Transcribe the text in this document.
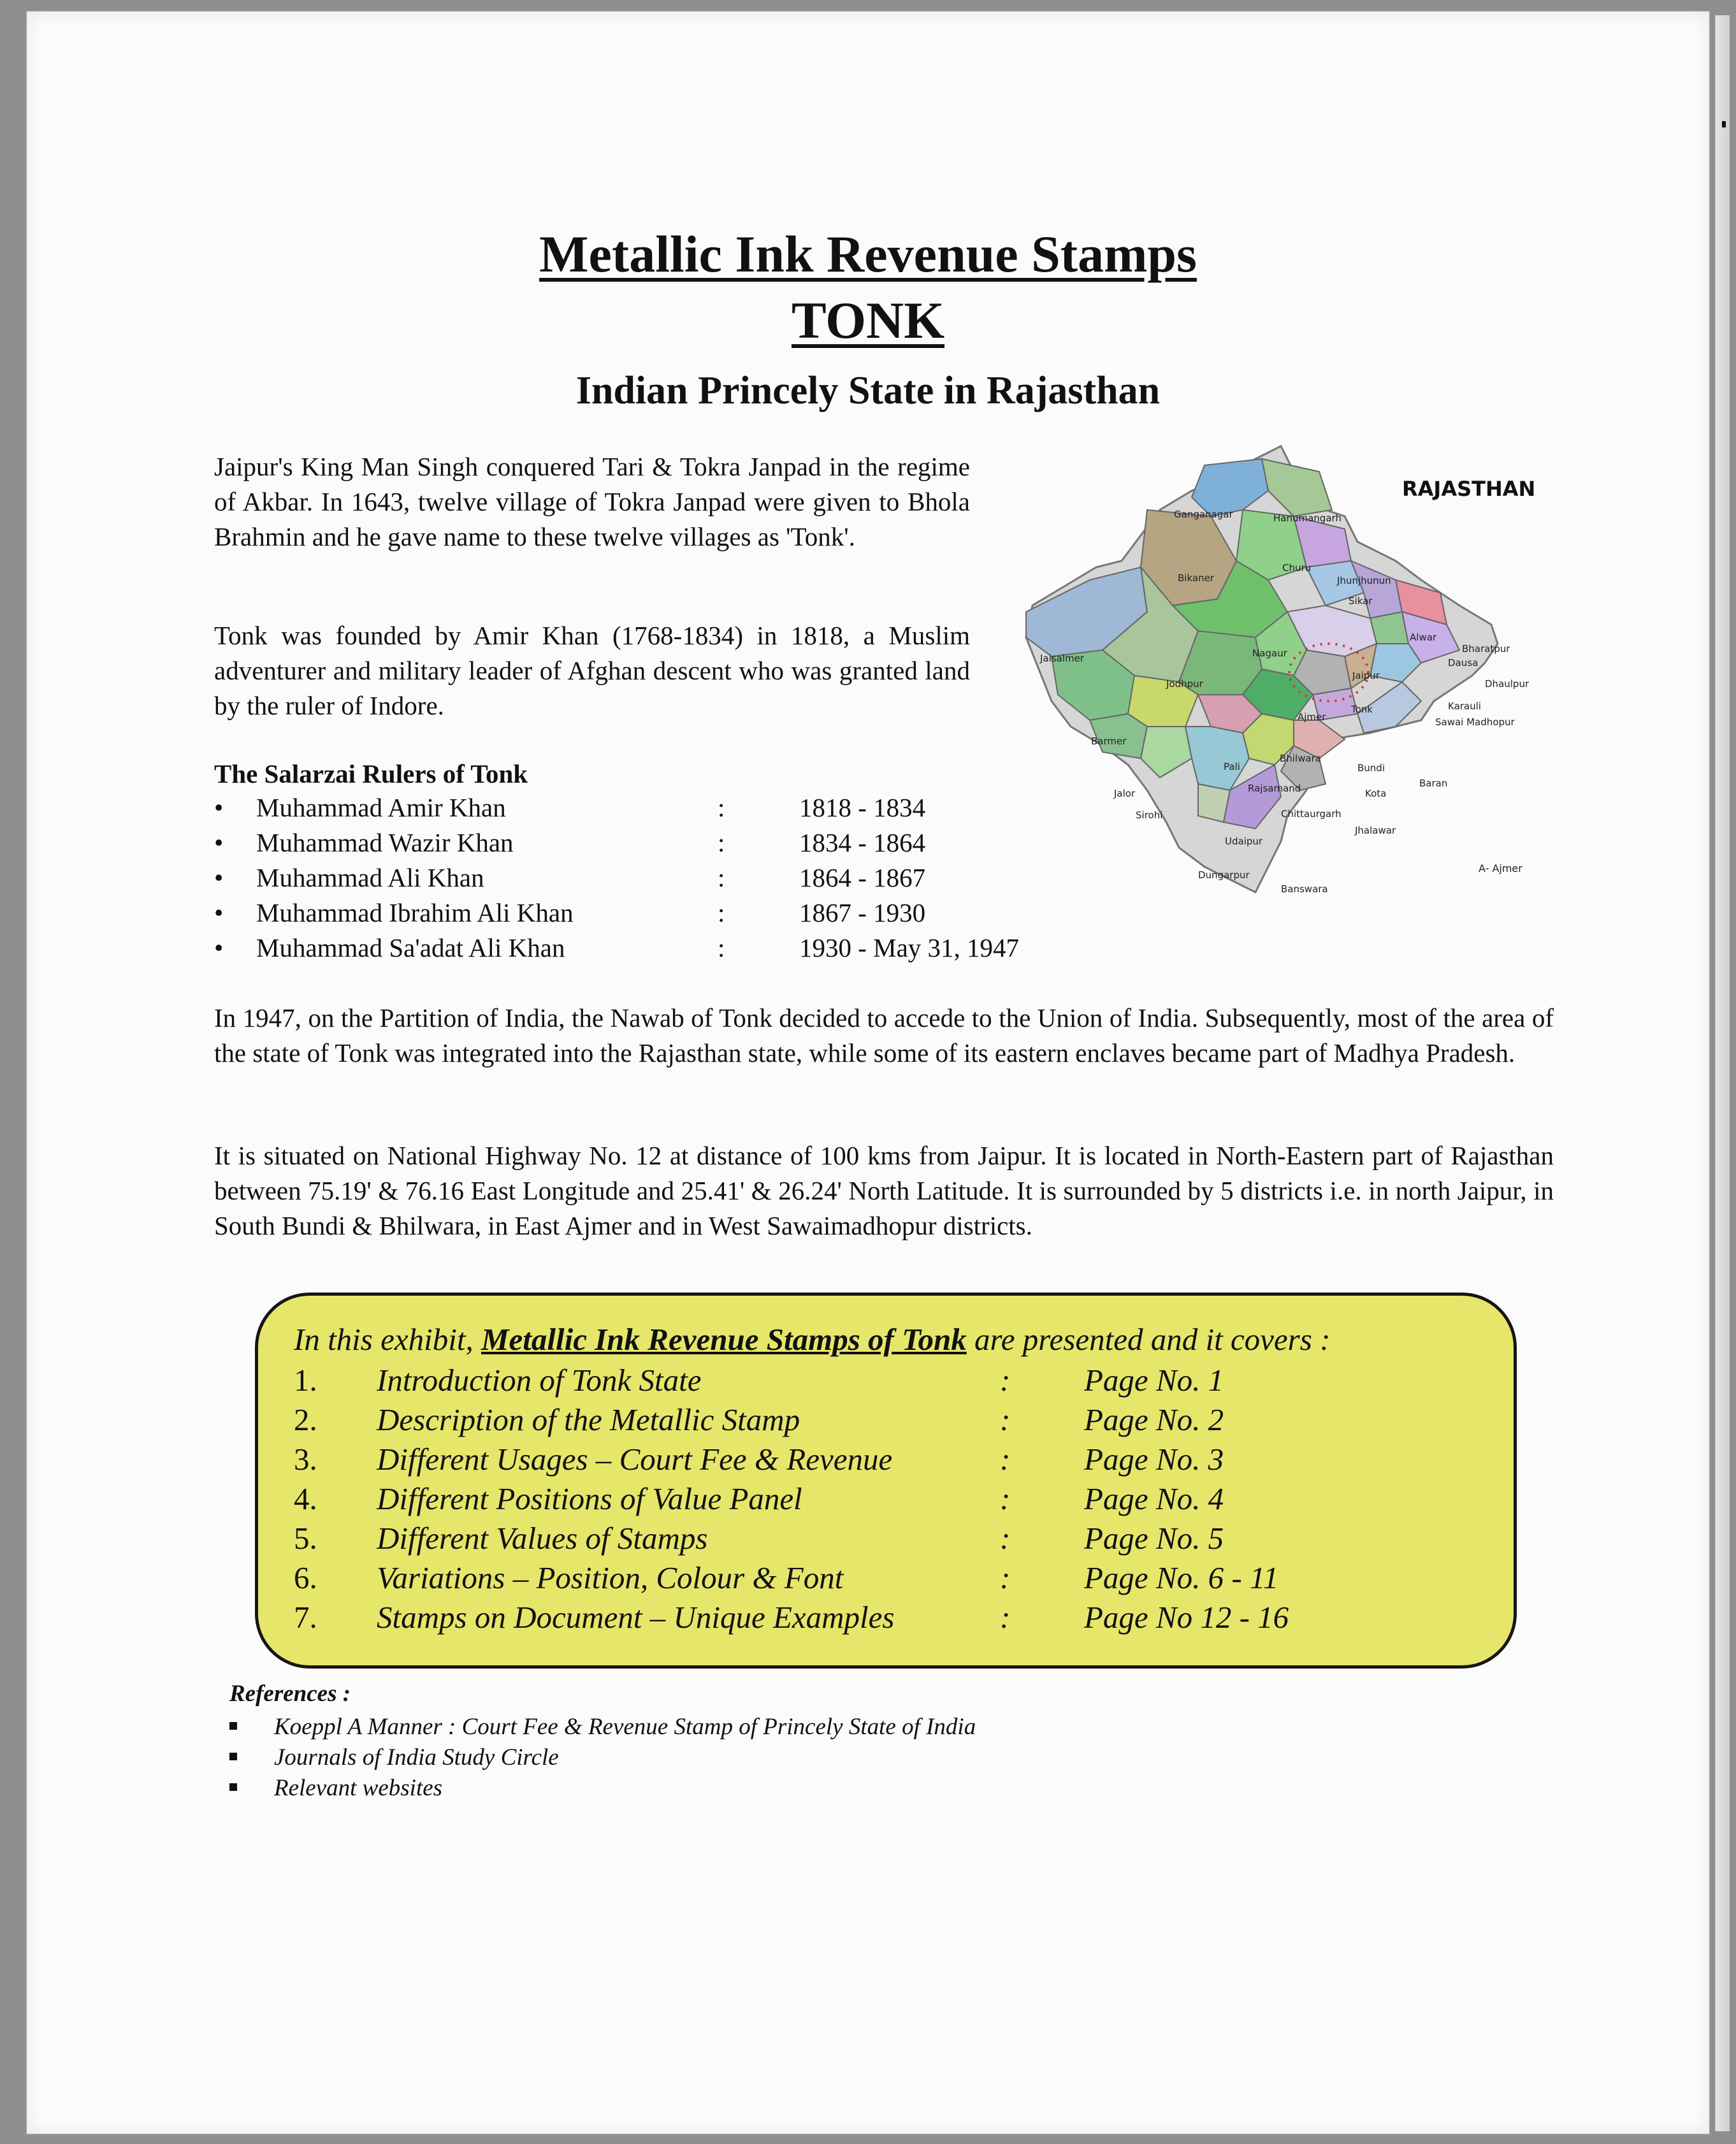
Metallic Ink Revenue Stamps
TONK
Indian Princely State in Rajasthan
Jaipur's King Man Singh conquered Tari & Tokra Janpad in the regime of Akbar. In 1643, twelve village of Tokra Janpad were given to Bhola Brahmin and he gave name to these twelve villages as 'Tonk'.
Tonk was founded by Amir Khan (1768-1834) in 1818, a Muslim adventurer and military leader of Afghan descent who was granted land by the ruler of Indore.
The Salarzai Rulers of Tonk
•	Muhammad Amir Khan	:	1818 - 1834
•	Muhammad Wazir Khan	:	1834 - 1864
•	Muhammad Ali Khan	:	1864 - 1867
•	Muhammad Ibrahim Ali Khan	:	1867 - 1930
•	Muhammad Sa'adat Ali Khan	:	1930 - May 31, 1947
RAJASTHAN
A- Ajmer
Ganganagar	Hanumangarh
Churu
Bikaner	Jhunjhunun
Sikar
Alwar
Bharatpur
Dausa
Dhaulpur
Jaisalmer
Jodhpur
Nagaur
Jaipur
Tonk	Karauli
Sawai Madhopur
Ajmer
Barmer
Pali
Bhilwara
Bundi
Jalor	Rajsamand	Kota
Baran
Sirohi	Chittaurgarh
Udaipur
Jhalawar
Dungarpur
Banswara
In 1947, on the Partition of India, the Nawab of Tonk decided to accede to the Union of India. Subsequently, most of the area of the state of Tonk was integrated into the Rajasthan state, while some of its eastern enclaves became part of Madhya Pradesh.
It is situated on National Highway No. 12 at distance of 100 kms from Jaipur. It is located in North-Eastern part of Rajasthan between 75.19' & 76.16 East Longitude and 25.41' & 26.24' North Latitude. It is surrounded by 5 districts i.e. in north Jaipur, in South Bundi & Bhilwara, in East Ajmer and in West Sawaimadhopur districts.
In this exhibit, Metallic Ink Revenue Stamps of Tonk are presented and it covers :
1. Introduction of Tonk State	: Page No. 1
2. Description of the Metallic Stamp	: Page No. 2
3. Different Usages – Court Fee & Revenue	: Page No. 3
4. Different Positions of Value Panel	: Page No. 4
5. Different Values of Stamps	: Page No. 5
6. Variations – Position, Colour & Font	: Page No. 6 - 11
7. Stamps on Document – Unique Examples	: Page No 12 - 16
References :
Koeppl A Manner : Court Fee & Revenue Stamp of Princely State of India
Journals of India Study Circle
Relevant websites
